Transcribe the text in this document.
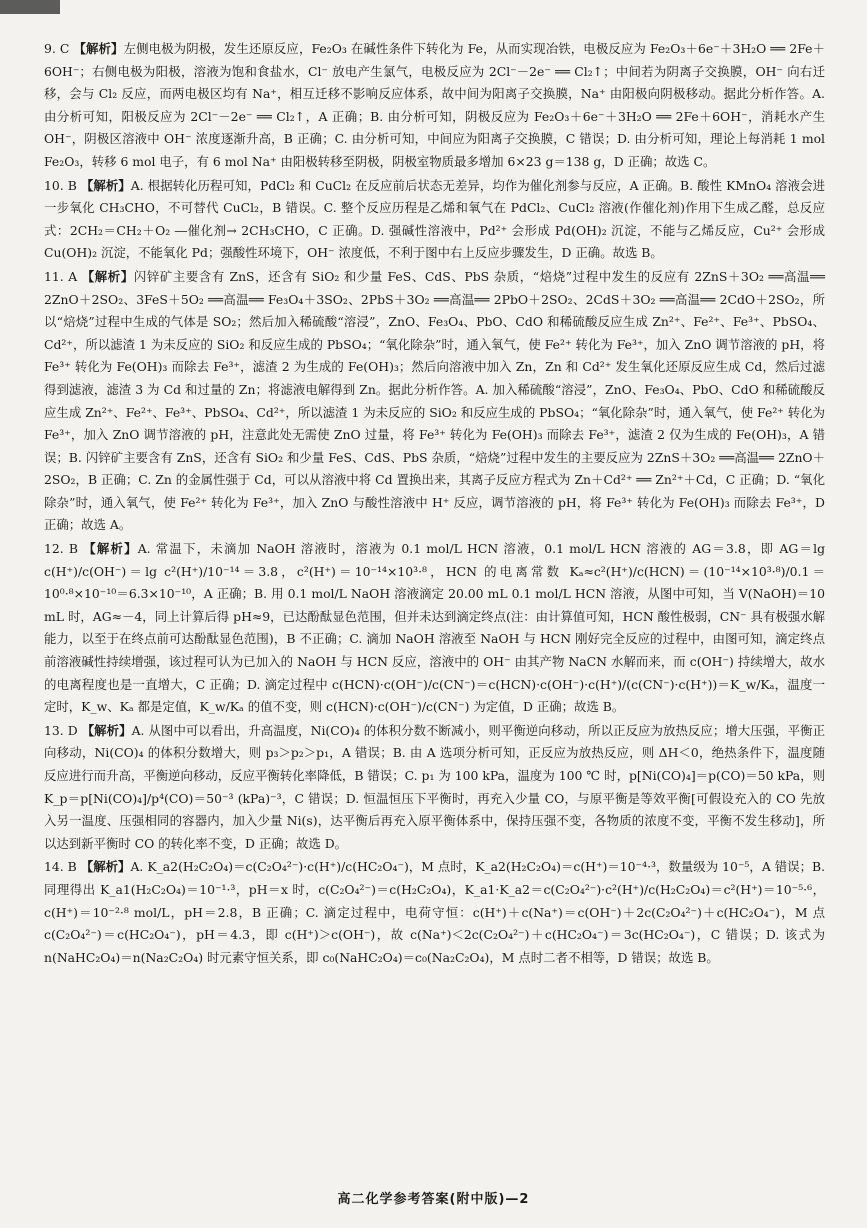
9. C 【解析】左侧电极为阴极，发生还原反应，Fe₂O₃ 在碱性条件下转化为 Fe，从而实现冶铁，电极反应为 Fe₂O₃＋6e⁻＋3H₂O ══ 2Fe＋6OH⁻；右侧电极为阳极，溶液为饱和食盐水，Cl⁻ 放电产生氯气，电极反应为 2Cl⁻－2e⁻ ══ Cl₂↑；中间若为阴离子交换膜，OH⁻ 向右迁移，会与 Cl₂ 反应，而两电极区均有 Na⁺，相互迁移不影响反应体系，故中间为阳离子交换膜，Na⁺ 由阳极向阴极移动。据此分析作答。A. 由分析可知，阳极反应为 2Cl⁻－2e⁻ ══ Cl₂↑，A 正确；B. 由分析可知，阴极反应为 Fe₂O₃＋6e⁻＋3H₂O ══ 2Fe＋6OH⁻，消耗水产生 OH⁻，阴极区溶液中 OH⁻ 浓度逐渐升高，B 正确；C. 由分析可知，中间应为阳离子交换膜，C 错误；D. 由分析可知，理论上每消耗 1 mol Fe₂O₃，转移 6 mol 电子，有 6 mol Na⁺ 由阳极转移至阴极，阴极室物质最多增加 6×23 g＝138 g，D 正确；故选 C。

10. B 【解析】A. 根据转化历程可知，PdCl₂ 和 CuCl₂ 在反应前后状态无差异，均作为催化剂参与反应，A 正确。B. 酸性 KMnO₄ 溶液会进一步氧化 CH₃CHO，不可替代 CuCl₂，B 错误。C. 整个反应历程是乙烯和氧气在 PdCl₂、CuCl₂ 溶液(作催化剂)作用下生成乙醛，总反应式：2CH₂＝CH₂＋O₂ ―催化剂→ 2CH₃CHO，C 正确。D. 强碱性溶液中，Pd²⁺ 会形成 Pd(OH)₂ 沉淀，不能与乙烯反应，Cu²⁺ 会形成 Cu(OH)₂ 沉淀，不能氧化 Pd；强酸性环境下，OH⁻ 浓度低，不利于图中右上反应步骤发生，D 正确。故选 B。

11. A 【解析】闪锌矿主要含有 ZnS，还含有 SiO₂ 和少量 FeS、CdS、PbS 杂质，“焙烧”过程中发生的反应有 2ZnS＋3O₂ ══高温══ 2ZnO＋2SO₂、3FeS＋5O₂ ══高温══ Fe₃O₄＋3SO₂、2PbS＋3O₂ ══高温══ 2PbO＋2SO₂、2CdS＋3O₂ ══高温══ 2CdO＋2SO₂，所以“焙烧”过程中生成的气体是 SO₂；然后加入稀硫酸“溶浸”，ZnO、Fe₃O₄、PbO、CdO 和稀硫酸反应生成 Zn²⁺、Fe²⁺、Fe³⁺、PbSO₄、Cd²⁺，所以滤渣 1 为未反应的 SiO₂ 和反应生成的 PbSO₄；“氧化除杂”时，通入氧气，使 Fe²⁺ 转化为 Fe³⁺，加入 ZnO 调节溶液的 pH，将 Fe³⁺ 转化为 Fe(OH)₃ 而除去 Fe³⁺，滤渣 2 为生成的 Fe(OH)₃；然后向溶液中加入 Zn，Zn 和 Cd²⁺ 发生氧化还原反应生成 Cd，然后过滤得到滤液，滤渣 3 为 Cd 和过量的 Zn；将滤液电解得到 Zn。据此分析作答。A. 加入稀硫酸“溶浸”，ZnO、Fe₃O₄、PbO、CdO 和稀硫酸反应生成 Zn²⁺、Fe²⁺、Fe³⁺、PbSO₄、Cd²⁺，所以滤渣 1 为未反应的 SiO₂ 和反应生成的 PbSO₄；“氧化除杂”时，通入氧气，使 Fe²⁺ 转化为 Fe³⁺，加入 ZnO 调节溶液的 pH，注意此处无需使 ZnO 过量，将 Fe³⁺ 转化为 Fe(OH)₃ 而除去 Fe³⁺，滤渣 2 仅为生成的 Fe(OH)₃，A 错误；B. 闪锌矿主要含有 ZnS，还含有 SiO₂ 和少量 FeS、CdS、PbS 杂质，“焙烧”过程中发生的主要反应为 2ZnS＋3O₂ ══高温══ 2ZnO＋2SO₂，B 正确；C. Zn 的金属性强于 Cd，可以从溶液中将 Cd 置换出来，其离子反应方程式为 Zn＋Cd²⁺ ══ Zn²⁺＋Cd，C 正确；D. “氧化除杂”时，通入氧气，使 Fe²⁺ 转化为 Fe³⁺，加入 ZnO 与酸性溶液中 H⁺ 反应，调节溶液的 pH，将 Fe³⁺ 转化为 Fe(OH)₃ 而除去 Fe³⁺，D 正确；故选 A。

12. B 【解析】A. 常温下，未滴加 NaOH 溶液时，溶液为 0.1 mol/L HCN 溶液，0.1 mol/L HCN 溶液的 AG＝3.8，即 AG＝lg c(H⁺)/c(OH⁻)＝lg c²(H⁺)/10⁻¹⁴＝3.8，c²(H⁺)＝10⁻¹⁴×10³·⁸，HCN 的电离常数 Kₐ≈c²(H⁺)/c(HCN)＝(10⁻¹⁴×10³·⁸)/0.1＝10⁰·⁸×10⁻¹⁰＝6.3×10⁻¹⁰，A 正确；B. 用 0.1 mol/L NaOH 溶液滴定 20.00 mL 0.1 mol/L HCN 溶液，从图中可知，当 V(NaOH)＝10 mL 时，AG≈－4，同上计算后得 pH≈9，已达酚酞显色范围，但并未达到滴定终点(注：由计算值可知，HCN 酸性极弱，CN⁻ 具有极强水解能力，以至于在终点前可达酚酞显色范围)，B 不正确；C. 滴加 NaOH 溶液至 NaOH 与 HCN 刚好完全反应的过程中，由图可知，滴定终点前溶液碱性持续增强，该过程可认为已加入的 NaOH 与 HCN 反应，溶液中的 OH⁻ 由其产物 NaCN 水解而来，而 c(OH⁻) 持续增大，故水的电离程度也是一直增大，C 正确；D. 滴定过程中 c(HCN)·c(OH⁻)/c(CN⁻)＝c(HCN)·c(OH⁻)·c(H⁺)/(c(CN⁻)·c(H⁺))＝K_w/Kₐ，温度一定时，K_w、Kₐ 都是定值，K_w/Kₐ 的值不变，则 c(HCN)·c(OH⁻)/c(CN⁻) 为定值，D 正确；故选 B。

13. D 【解析】A. 从图中可以看出，升高温度，Ni(CO)₄ 的体积分数不断减小，则平衡逆向移动，所以正反应为放热反应；增大压强，平衡正向移动，Ni(CO)₄ 的体积分数增大，则 p₃＞p₂＞p₁，A 错误；B. 由 A 选项分析可知，正反应为放热反应，则 ΔH＜0，绝热条件下，温度随反应进行而升高，平衡逆向移动，反应平衡转化率降低，B 错误；C. p₁ 为 100 kPa，温度为 100 ℃ 时，p[Ni(CO)₄]＝p(CO)＝50 kPa，则 K_p＝p[Ni(CO)₄]/p⁴(CO)＝50⁻³ (kPa)⁻³，C 错误；D. 恒温恒压下平衡时，再充入少量 CO，与原平衡是等效平衡[可假设充入的 CO 先放入另一温度、压强相同的容器内，加入少量 Ni(s)，达平衡后再充入原平衡体系中，保持压强不变，各物质的浓度不变，平衡不发生移动]，所以达到新平衡时 CO 的转化率不变，D 正确；故选 D。

14. B 【解析】A. K_a2(H₂C₂O₄)＝c(C₂O₄²⁻)·c(H⁺)/c(HC₂O₄⁻)，M 点时，K_a2(H₂C₂O₄)＝c(H⁺)＝10⁻⁴·³，数量级为 10⁻⁵，A 错误；B. 同理得出 K_a1(H₂C₂O₄)＝10⁻¹·³，pH＝x 时，c(C₂O₄²⁻)＝c(H₂C₂O₄)，K_a1·K_a2＝c(C₂O₄²⁻)·c²(H⁺)/c(H₂C₂O₄)＝c²(H⁺)＝10⁻⁵·⁶，c(H⁺)＝10⁻²·⁸ mol/L，pH＝2.8，B 正确；C. 滴定过程中，电荷守恒：c(H⁺)＋c(Na⁺)＝c(OH⁻)＋2c(C₂O₄²⁻)＋c(HC₂O₄⁻)，M 点 c(C₂O₄²⁻)＝c(HC₂O₄⁻)，pH＝4.3，即 c(H⁺)＞c(OH⁻)，故 c(Na⁺)＜2c(C₂O₄²⁻)＋c(HC₂O₄⁻)＝3c(HC₂O₄⁻)，C 错误；D. 该式为 n(NaHC₂O₄)＝n(Na₂C₂O₄) 时元素守恒关系，即 c₀(NaHC₂O₄)＝c₀(Na₂C₂O₄)，M 点时二者不相等，D 错误；故选 B。

高二化学参考答案(附中版)—2
